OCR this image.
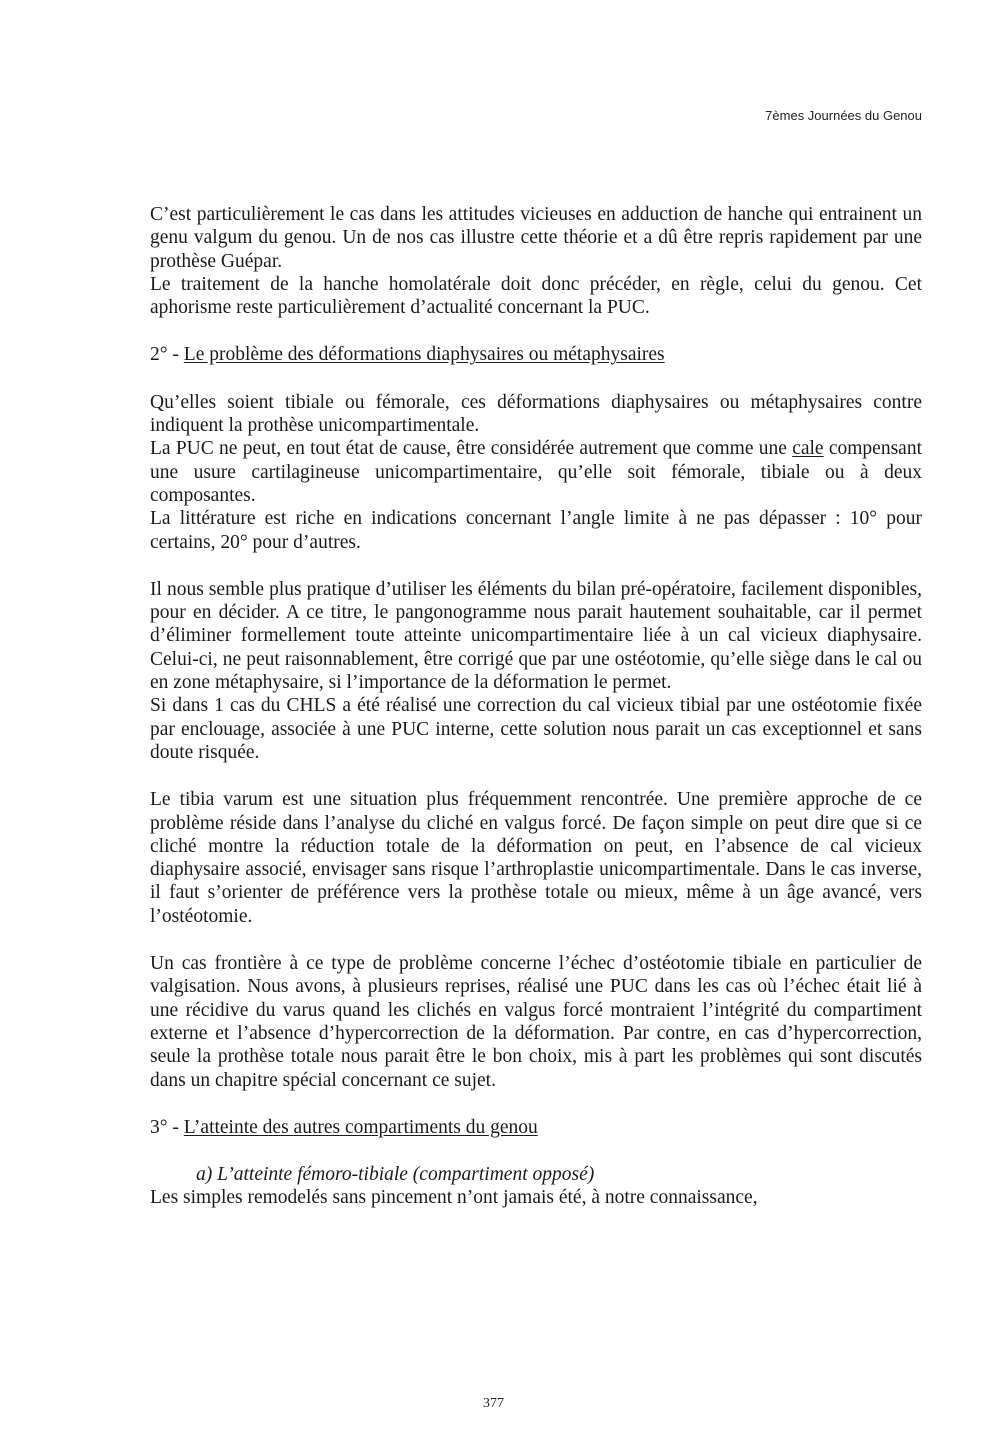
7èmes Journées du Genou

C’est particulièrement le cas dans les attitudes vicieuses en adduction de hanche qui entrainent un genu valgum du genou. Un de nos cas illustre cette théorie et a dû être repris rapidement par une prothèse Guépar.

Le traitement de la hanche homolatérale doit donc précéder, en règle, celui du genou. Cet aphorisme reste particulièrement d’actualité concernant la PUC.

2° - Le problème des déformations diaphysaires ou métaphysaires

Qu’elles soient tibiale ou fémorale, ces déformations diaphysaires ou métaphysaires contre indiquent la prothèse unicompartimentale.

La PUC ne peut, en tout état de cause, être considérée autrement que comme une cale compensant une usure cartilagineuse unicompartimentaire, qu’elle soit fémorale, tibiale ou à deux composantes.

La littérature est riche en indications concernant l’angle limite à ne pas dépasser : 10° pour certains, 20° pour d’autres.

Il nous semble plus pratique d’utiliser les éléments du bilan pré-opératoire, facilement disponibles, pour en décider. A ce titre, le pangonogramme nous parait hautement souhaitable, car il permet d’éliminer formellement toute atteinte unicompartimentaire liée à un cal vicieux diaphysaire. Celui-ci, ne peut raisonnablement, être corrigé que par une ostéotomie, qu’elle siège dans le cal ou en zone métaphysaire, si l’importance de la déformation le permet.

Si dans 1 cas du CHLS a été réalisé une correction du cal vicieux tibial par une ostéotomie fixée par enclouage, associée à une PUC interne, cette solution nous parait un cas exceptionnel et sans doute risquée.

Le tibia varum est une situation plus fréquemment rencontrée. Une première approche de ce problème réside dans l’analyse du cliché en valgus forcé. De façon simple on peut dire que si ce cliché montre la réduction totale de la déformation on peut, en l’absence de cal vicieux diaphysaire associé, envisager sans risque l’arthroplastie unicompartimentale. Dans le cas inverse, il faut s’orienter de préférence vers la prothèse totale ou mieux, même à un âge avancé, vers l’ostéotomie.

Un cas frontière à ce type de problème concerne l’échec d’ostéotomie tibiale en particulier de valgisation. Nous avons, à plusieurs reprises, réalisé une PUC dans les cas où l’échec était lié à une récidive du varus quand les clichés en valgus forcé montraient l’intégrité du compartiment externe et l’absence d’hypercorrection de la déformation. Par contre, en cas d’hypercorrection, seule la prothèse totale nous parait être le bon choix, mis à part les problèmes qui sont discutés dans un chapitre spécial concernant ce sujet.

3° - L’atteinte des autres compartiments du genou

a) L’atteinte fémoro-tibiale (compartiment opposé)

Les simples remodelés sans pincement n’ont jamais été, à notre connaissance,

377
